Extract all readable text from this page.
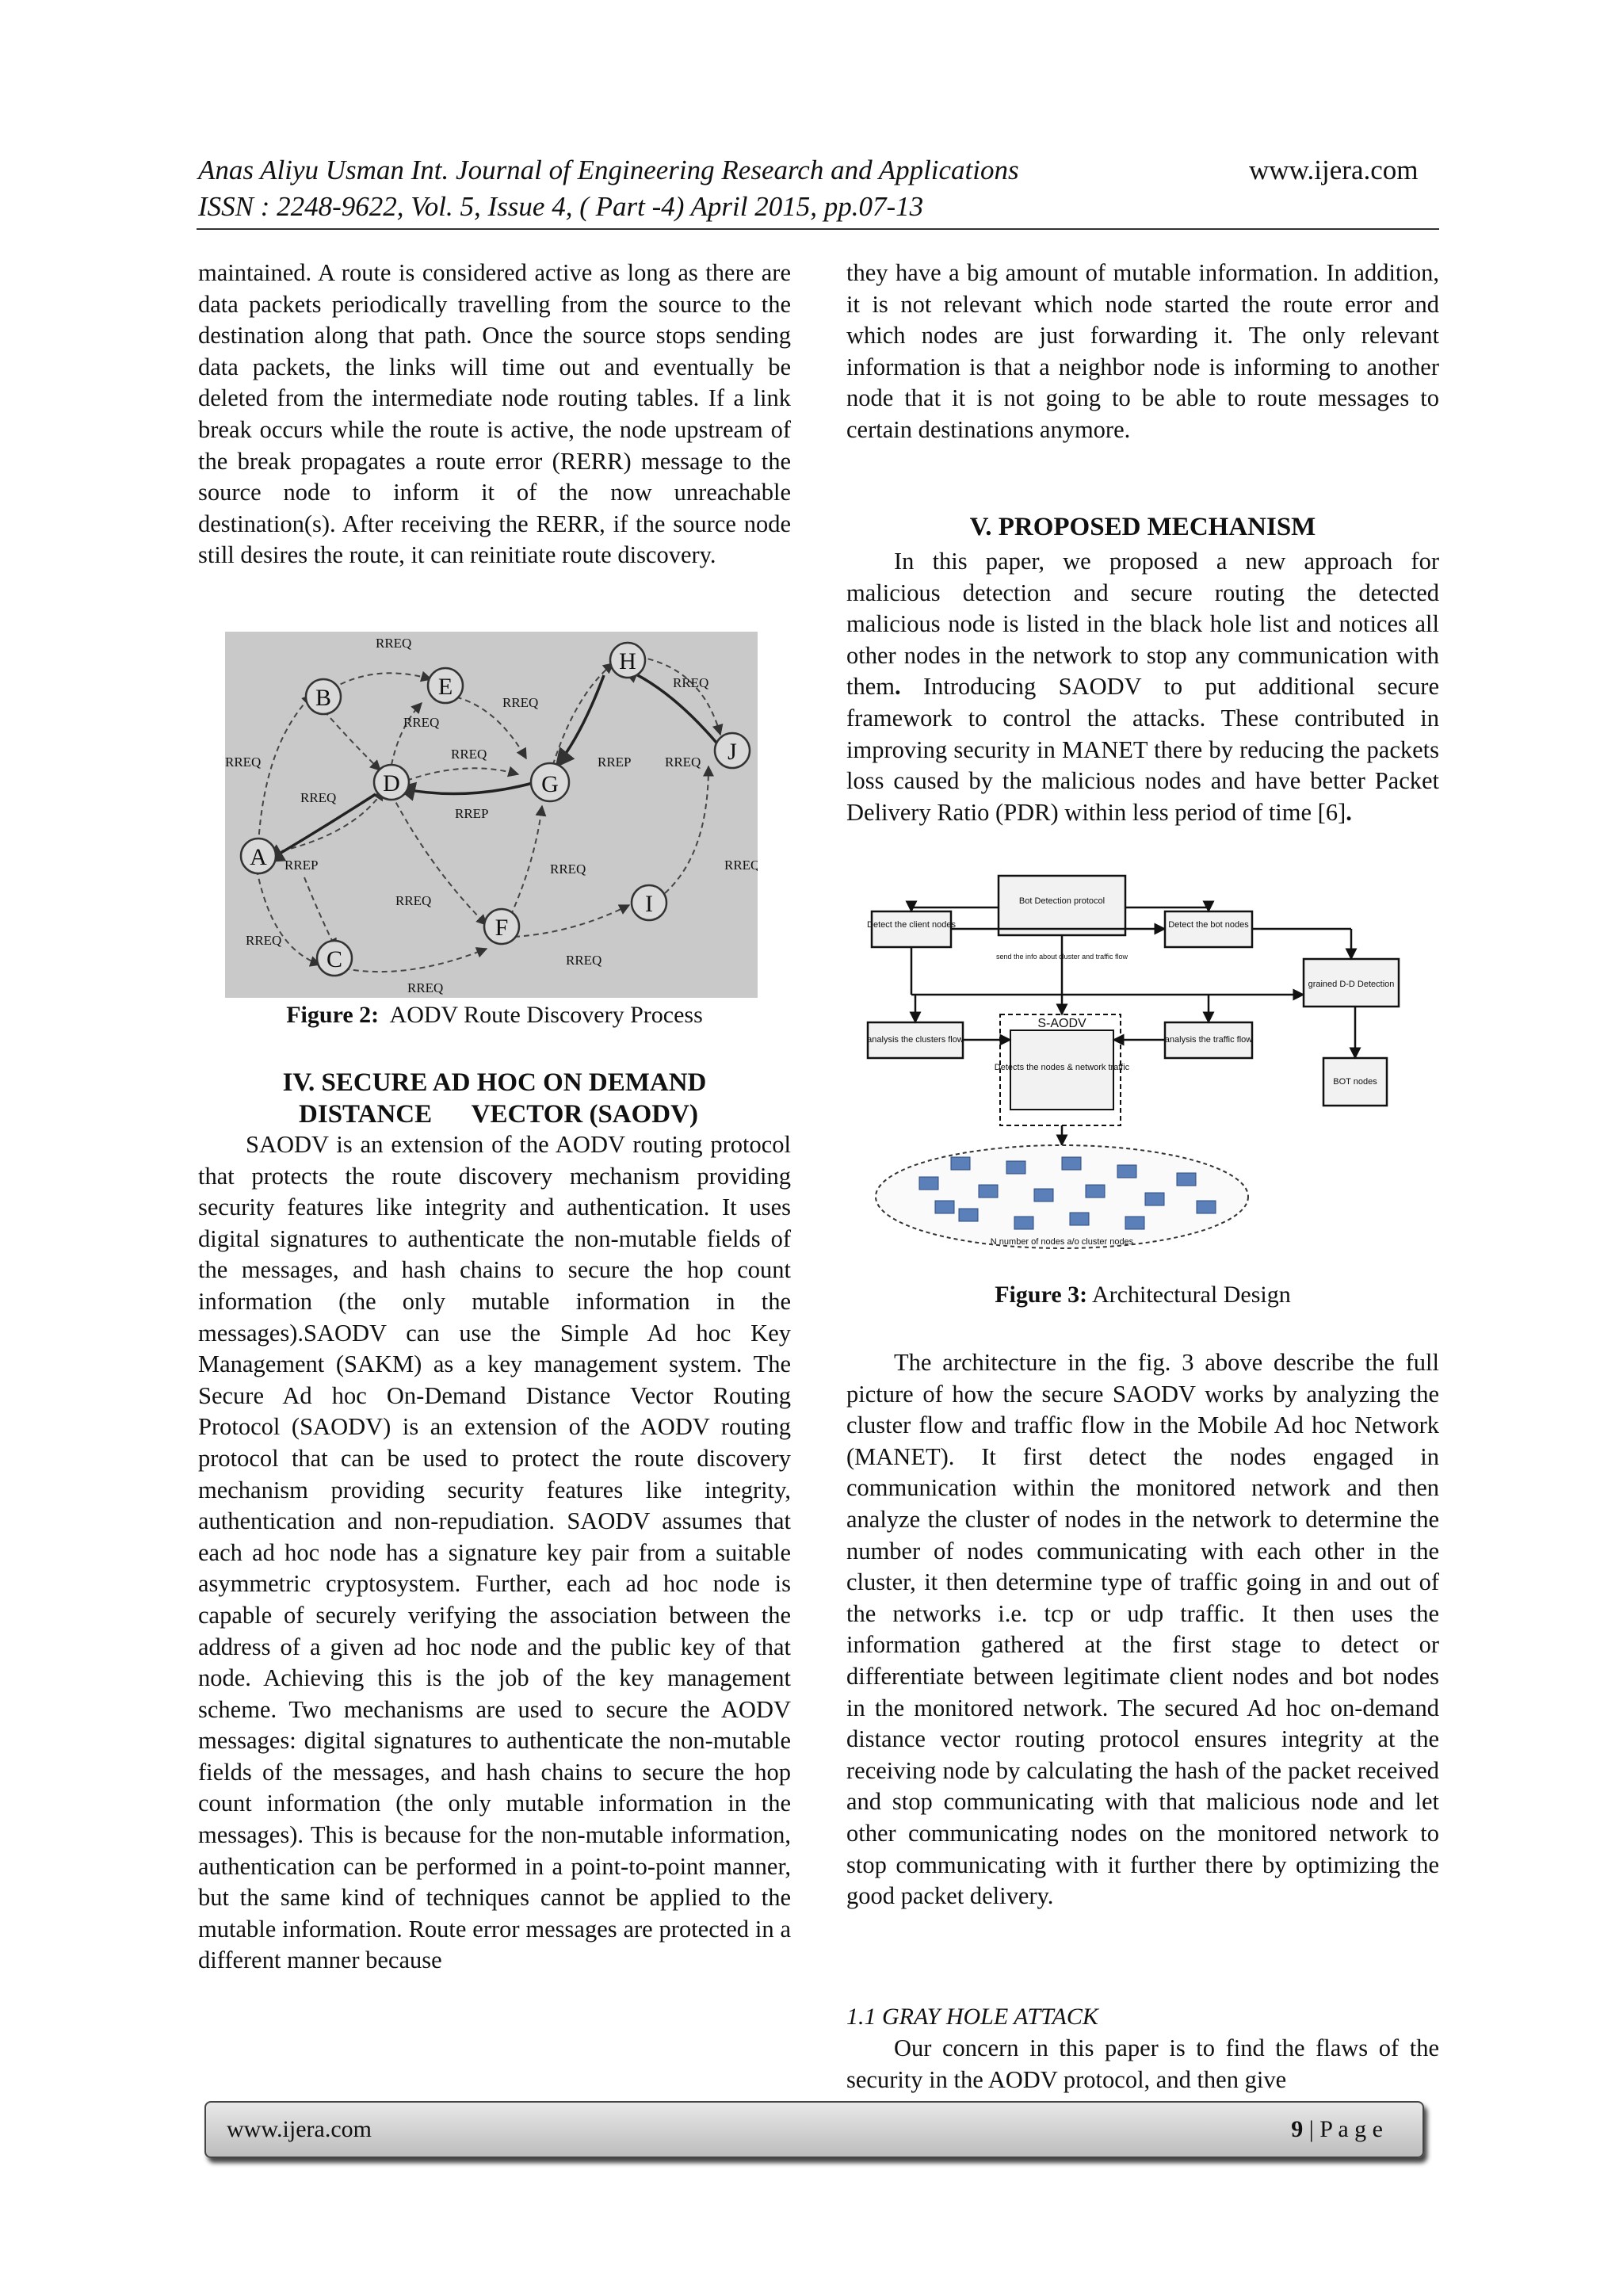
Anas Aliyu Usman Int. Journal of Engineering Research and Applications	www.ijera.com
ISSN : 2248-9622, Vol. 5, Issue 4, ( Part -4) April 2015, pp.07-13

maintained. A route is considered active as long as there are data packets periodically travelling from the source to the destination along that path. Once the source stops sending data packets, the links will time out and eventually be deleted from the intermediate node routing tables. If a link break occurs while the route is active, the node upstream of the break propagates a route error (RERR) message to the source node to inform it of the now unreachable destination(s). After receiving the RERR, if the source node still desires the route, it can reinitiate route discovery.

A
B
C
D
E
F
G
H
I
J
RREQ
RREQ
RREQ
RREQ
RREQ
RREQ
RREQ
RREQ
RREQ
RREQ
RREQ
RREQ
RREQ
RREQ
RREP
RREP
RREP
Figure 2: AODV Route Discovery Process
IV. SECURE AD HOC ON DEMAND
DISTANCE VECTOR (SAODV)

SAODV is an extension of the AODV routing protocol that protects the route discovery mechanism providing security features like integrity and authentication. It uses digital signatures to authenticate the non-mutable fields of the messages, and hash chains to secure the hop count information (the only mutable information in the messages).SAODV can use the Simple Ad hoc Key Management (SAKM) as a key management system. The Secure Ad hoc On-Demand Distance Vector Routing Protocol (SAODV) is an extension of the AODV routing protocol that can be used to protect the route discovery mechanism providing security features like integrity, authentication and non-repudiation. SAODV assumes that each ad hoc node has a signature key pair from a suitable asymmetric cryptosystem. Further, each ad hoc node is capable of securely verifying the association between the address of a given ad hoc node and the public key of that node. Achieving this is the job of the key management scheme. Two mechanisms are used to secure the AODV messages: digital signatures to authenticate the non-mutable fields of the messages, and hash chains to secure the hop count information (the only mutable information in the messages). This is because for the non-mutable information, authentication can be performed in a point-to-point manner, but the same kind of techniques cannot be applied to the mutable information. Route error messages are protected in a different manner because

they have a big amount of mutable information. In addition, it is not relevant which node started the route error and which nodes are just forwarding it. The only relevant information is that a neighbor node is informing to another node that it is not going to be able to route messages to certain destinations anymore.

V. PROPOSED MECHANISM

In this paper, we proposed a new approach for malicious detection and secure routing the detected malicious node is listed in the black hole list and notices all other nodes in the network to stop any communication with them. Introducing SAODV to put additional secure framework to control the attacks. These contributed in improving security in MANET there by reducing the packets loss caused by the malicious nodes and have better Packet Delivery Ratio (PDR) within less period of time [6].

Bot Detection protocol
Detect the client nodes	Detect the bot nodes
grained D-D Detection
analysis the clusters flow	analysis the traffic flow
BOT nodes
Detects the nodes & network traffic
send the info about cluster and traffic flow
N number of nodes a/o cluster nodes
S-AODV
Figure 3: Architectural Design

The architecture in the fig. 3 above describe the full picture of how the secure SAODV works by analyzing the cluster flow and traffic flow in the Mobile Ad hoc Network (MANET). It first detect the nodes engaged in communication within the monitored network and then analyze the cluster of nodes in the network to determine the number of nodes communicating with each other in the cluster, it then determine type of traffic going in and out of the networks i.e. tcp or udp traffic. It then uses the information gathered at the first stage to detect or differentiate between legitimate client nodes and bot nodes in the monitored network. The secured Ad hoc on-demand distance vector routing protocol ensures integrity at the receiving node by calculating the hash of the packet received and stop communicating with that malicious node and let other communicating nodes on the monitored network to stop communicating with it further there by optimizing the good packet delivery.

1.1 GRAY HOLE ATTACK

Our concern in this paper is to find the flaws of the security in the AODV protocol, and then give

www.ijera.com	9 | P a g e
